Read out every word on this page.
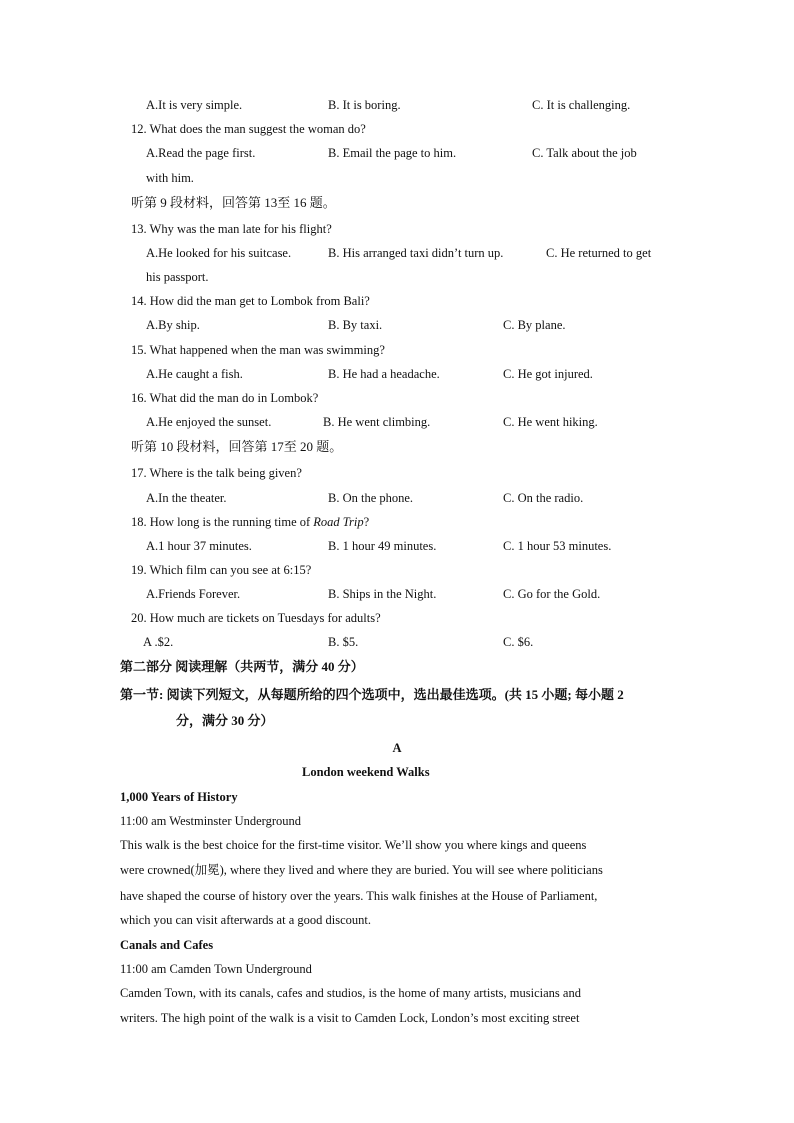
A.It is very simple.	B. It is boring.	C. It is challenging.
12. What does the man suggest the woman do?
A.Read the page first.	B. Email the page to him.	C. Talk about the job
with him.
听第 9 段材料，回答第 13至 16 题。
13. Why was the man late for his flight?
A.He looked for his suitcase.	B. His arranged taxi didn’t turn up.	C. He returned to get
his passport.
14. How did the man get to Lombok from Bali?
A.By ship.	B. By taxi.	C. By plane.
15. What happened when the man was swimming?
A.He caught a fish.	B. He had a headache.	C. He got injured.
16. What did the man do in Lombok?
A.He enjoyed the sunset.	B. He went climbing.	C. He went hiking.
听第 10 段材料，回答第 17至 20 题。
17. Where is the talk being given?
A.In the theater.	B. On the phone.	C. On the radio.
18. How long is the running time of Road Trip?
A.1 hour 37 minutes.	B. 1 hour 49 minutes.	C. 1 hour 53 minutes.
19. Which film can you see at 6:15?
A.Friends Forever.	B. Ships in the Night.	C. Go for the Gold.
20. How much are tickets on Tuesdays for adults?
A .$2.	B. $5.	C. $6.
第二部分 阅读理解（共两节，满分 40 分）
第一节: 阅读下列短文，从每题所给的四个选项中，选出最佳选项。(共 15 小题; 每小题 2
分，满分 30 分）
A
London weekend Walks
1,000 Years of History
11:00 am Westminster Underground
This walk is the best choice for the first-time visitor. We’ll show you where kings and queens
were crowned(加冕), where they lived and where they are buried. You will see where politicians
have shaped the course of history over the years. This walk finishes at the House of Parliament,
which you can visit afterwards at a good discount.
Canals and Cafes
11:00 am Camden Town Underground
Camden Town, with its canals, cafes and studios, is the home of many artists, musicians and
writers. The high point of the walk is a visit to Camden Lock, London’s most exciting street
